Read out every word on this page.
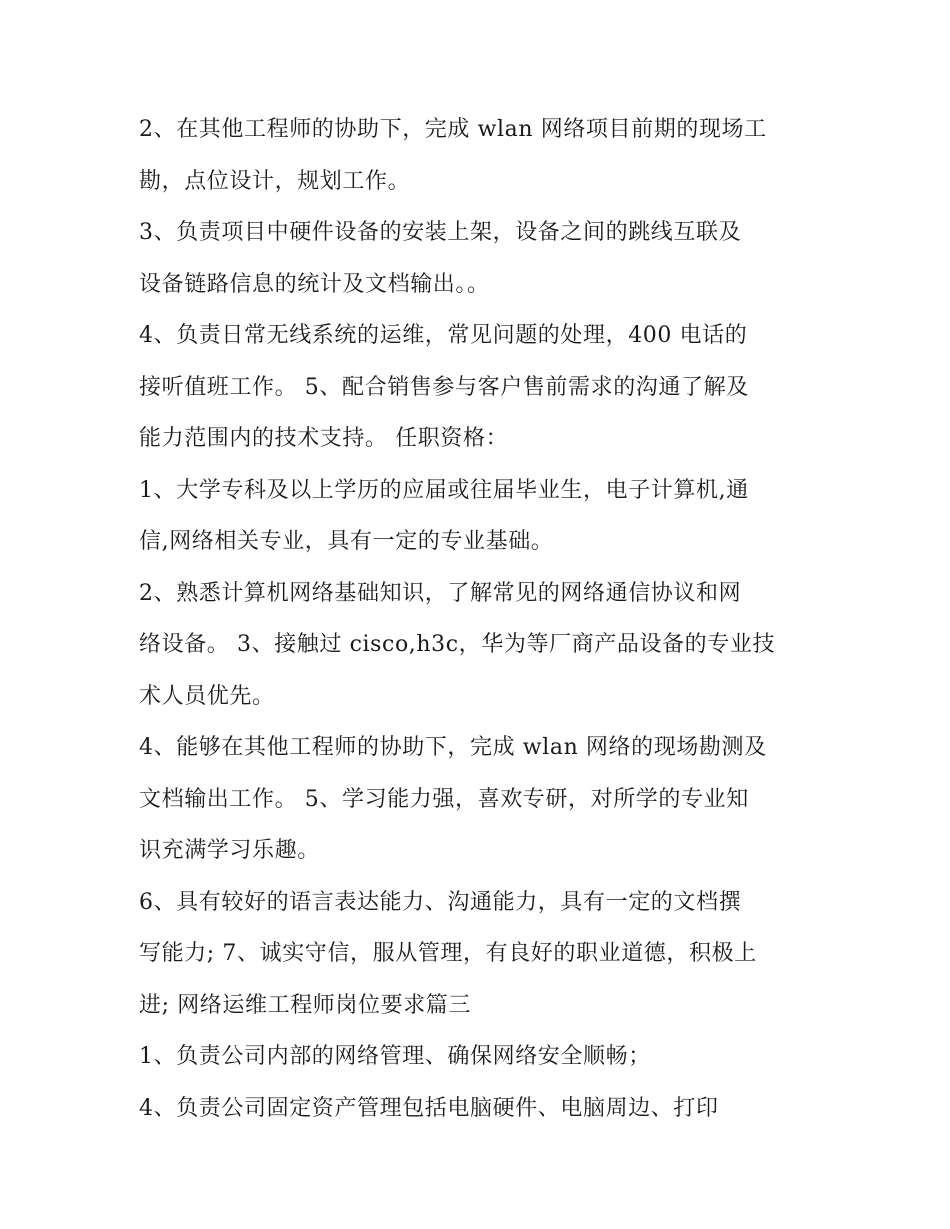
2、在其他工程师的协助下，完成 wlan 网络项目前期的现场工
勘，点位设计，规划工作。
3、负责项目中硬件设备的安装上架，设备之间的跳线互联及
设备链路信息的统计及文档输出。。
4、负责日常无线系统的运维，常见问题的处理，400 电话的
接听值班工作。 5、配合销售参与客户售前需求的沟通了解及
能力范围内的技术支持。 任职资格：
1、大学专科及以上学历的应届或往届毕业生，电子计算机,通
信,网络相关专业，具有一定的专业基础。
2、熟悉计算机网络基础知识，了解常见的网络通信协议和网
络设备。 3、接触过 cisco,h3c，华为等厂商产品设备的专业技
术人员优先。
4、能够在其他工程师的协助下，完成 wlan 网络的现场勘测及
文档输出工作。 5、学习能力强，喜欢专研，对所学的专业知
识充满学习乐趣。
6、具有较好的语言表达能力、沟通能力，具有一定的文档撰
写能力; 7、诚实守信，服从管理，有良好的职业道德，积极上
进; 网络运维工程师岗位要求篇三
1、负责公司内部的网络管理、确保网络安全顺畅；
4、负责公司固定资产管理包括电脑硬件、电脑周边、打印
